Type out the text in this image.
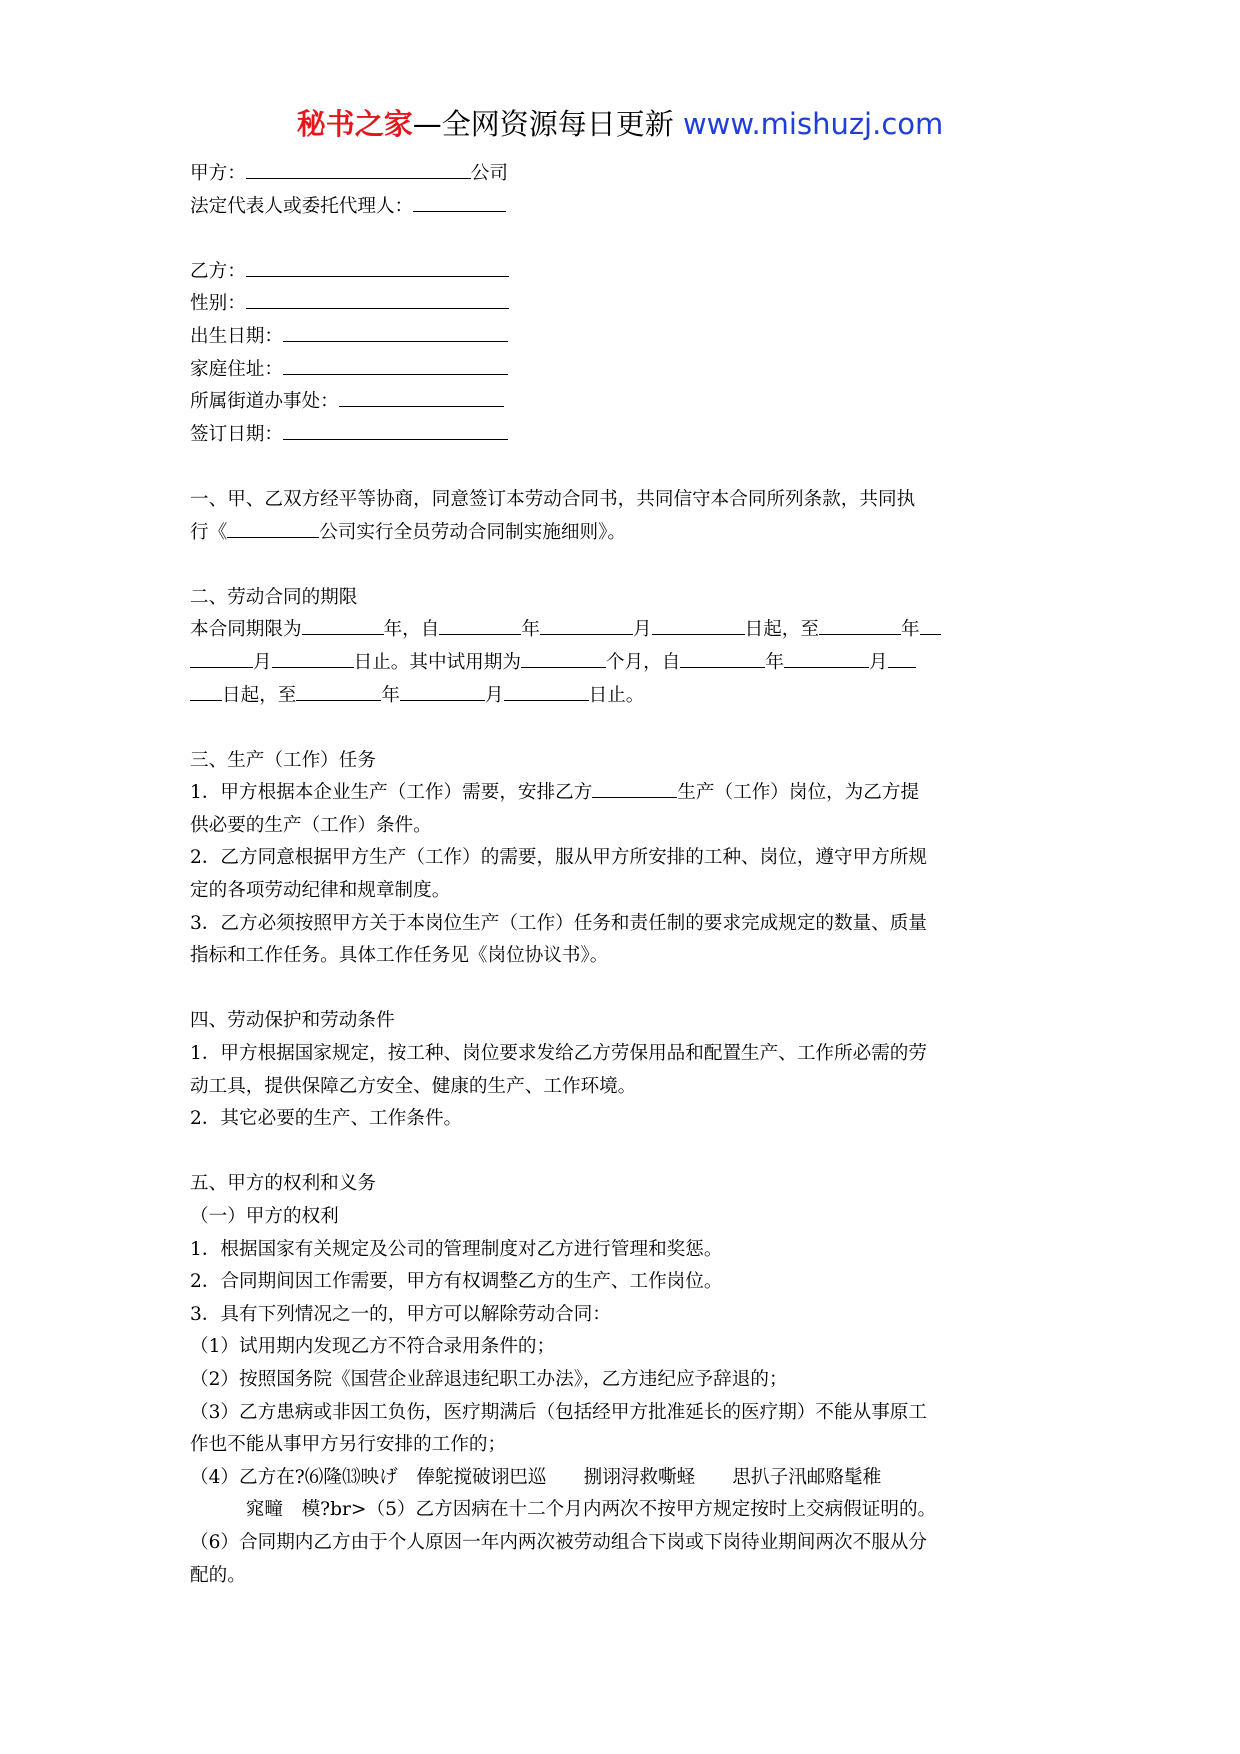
秘书之家—全网资源每日更新 www.mishuzj.com
甲方：	公司
法定代表人或委托代理人：
乙方：
性别：
出生日期：
家庭住址：
所属街道办事处：
签订日期：
一、甲、乙双方经平等协商，同意签订本劳动合同书，共同信守本合同所列条款，共同执
行《	公司实行全员劳动合同制实施细则》。
二、劳动合同的期限
本合同期限为	年，自	年	月	日起，至	年
月	日止。其中试用期为	个月，自	年	月
日起，至	年	月	日止。
三、生产（工作）任务
1．甲方根据本企业生产（工作）需要，安排乙方	生产（工作）岗位，为乙方提
供必要的生产（工作）条件。
2．乙方同意根据甲方生产（工作）的需要，服从甲方所安排的工种、岗位，遵守甲方所规
定的各项劳动纪律和规章制度。
3．乙方必须按照甲方关于本岗位生产（工作）任务和责任制的要求完成规定的数量、质量
指标和工作任务。具体工作任务见《岗位协议书》。
四、劳动保护和劳动条件
1．甲方根据国家规定，按工种、岗位要求发给乙方劳保用品和配置生产、工作所必需的劳
动工具，提供保障乙方安全、健康的生产、工作环境。
2．其它必要的生产、工作条件。
五、甲方的权利和义务
（一）甲方的权利
1．根据国家有关规定及公司的管理制度对乙方进行管理和奖惩。
2．合同期间因工作需要，甲方有权调整乙方的生产、工作岗位。
3．具有下列情况之一的，甲方可以解除劳动合同：
（1）试用期内发现乙方不符合录用条件的；
（2）按照国务院《国营企业辞退违纪职工办法》，乙方违纪应予辞退的；
（3）乙方患病或非因工负伤，医疗期满后（包括经甲方批准延长的医疗期）不能从事原工
作也不能从事甲方另行安排的工作的；
（4）乙方在?⑹隆⒀映げ　俸鸵搅破诩巴巡　　捌诩浔救嘶蛏　　思扒子汛邮赂髦稚
　　　窕疃　模?br>（5）乙方因病在十二个月内两次不按甲方规定按时上交病假证明的。
（6）合同期内乙方由于个人原因一年内两次被劳动组合下岗或下岗待业期间两次不服从分
配的。
